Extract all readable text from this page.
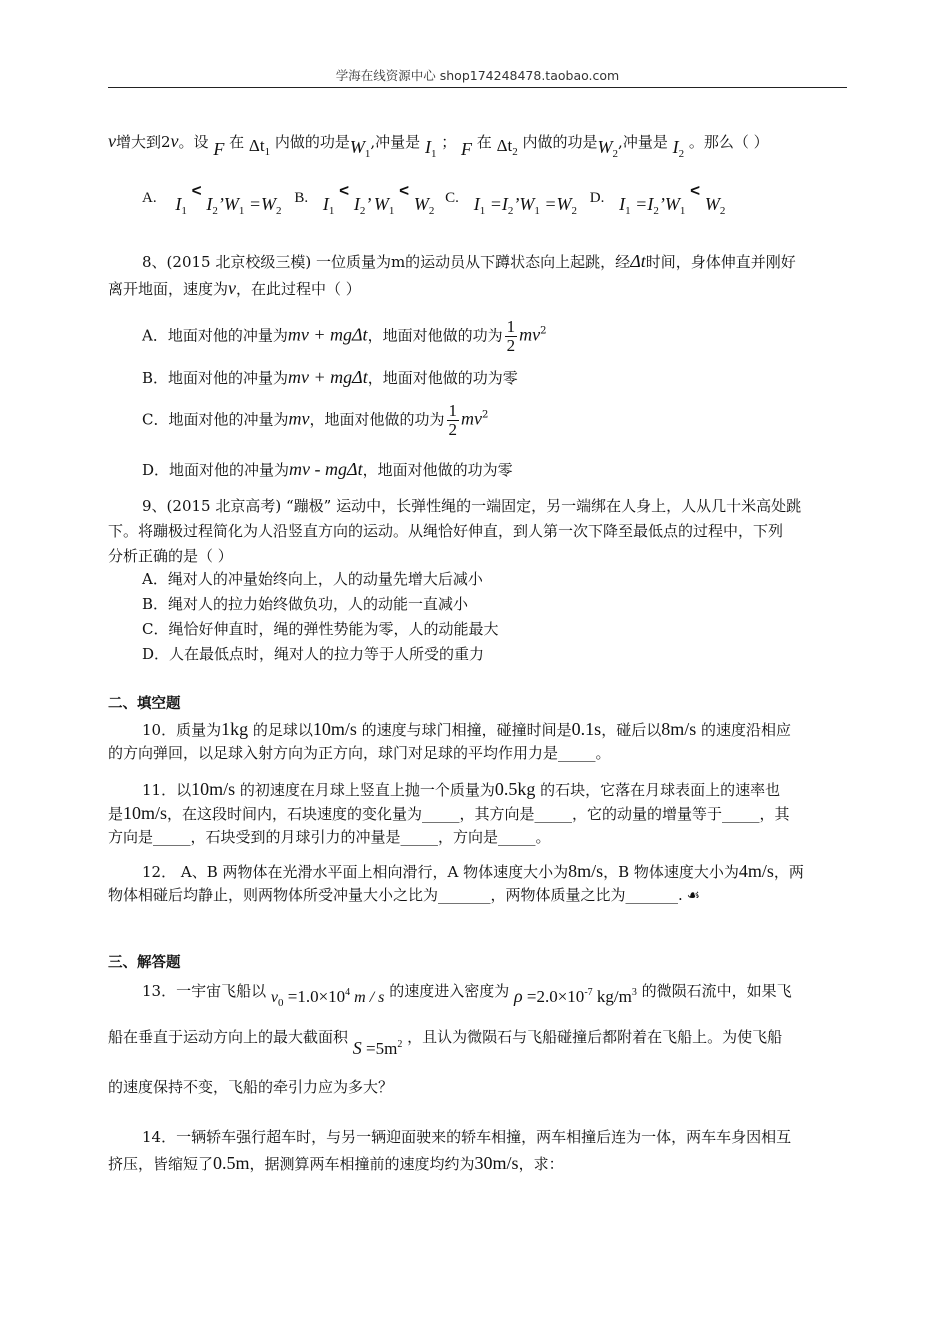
学海在线资源中心 shop174248478.taobao.com
v增大到2v。设 F 在 $\Delta t_1$ 内做的功是$W_1$,冲量是 $I_1$ ； F 在 $\Delta t_2$ 内做的功是$W_2$,冲量是 $I_2$ 。那么（ ）
A. $I_1$ < $I_2’W_1 =W_2$ B. $I_1 < I_2$’ $W_1 < W_2$ C. $I_1$ $=I_2’W_1 =W_2$ D. $I_1$ $=I_2’W_1 < W_2$
8、(2015 北京校级三模) 一位质量为m的运动员从下蹲状态向上起跳，经Δt时间，身体伸直并刚好
离开地面，速度为v，在此过程中（ ）
A．地面对他的冲量为mv + mgΔt，地面对他做的功为 $\frac{1}{2} mv^2$
B．地面对他的冲量为mv + mgΔt，地面对他做的功为零
C．地面对他的冲量为mv，地面对他做的功为 $\frac{1}{2} mv^2$
D．地面对他的冲量为mv - mgΔt，地面对他做的功为零
9、(2015 北京高考) “蹦极” 运动中，长弹性绳的一端固定，另一端绑在人身上，人从几十米高处跳
下。将蹦极过程简化为人沿竖直方向的运动。从绳恰好伸直，到人第一次下降至最低点的过程中，下列
分析正确的是（ ）
A．绳对人的冲量始终向上，人的动量先增大后减小
B．绳对人的拉力始终做负功，人的动能一直减小
C．绳恰好伸直时，绳的弹性势能为零，人的动能最大
D．人在最低点时，绳对人的拉力等于人所受的重力
二、填空题
10．质量为1kg 的足球以10m/s 的速度与球门相撞，碰撞时间是0.1s，碰后以8m/s 的速度沿相应
的方向弹回，以足球入射方向为正方向，球门对足球的平均作用力是_____。
11．以10m/s 的初速度在月球上竖直上抛一个质量为0.5kg 的石块，它落在月球表面上的速率也
是10m/s，在这段时间内，石块速度的变化量为_____，其方向是_____，它的动量的增量等于_____，其
方向是_____，石块受到的月球引力的冲量是_____，方向是_____。
12． A、B 两物体在光滑水平面上相向滑行，A 物体速度大小为8m/s，B 物体速度大小为4m/s，两
物体相碰后均静止，则两物体所受冲量大小之比为_______，两物体质量之比为_______. ☙
三、解答题
13．一宇宙飞船以 $v_0 =1.0\times 10^4$ m / s 的速度进入密度为 $\rho =2.0\times 10^{-7}$ $kg/m^3$ 的微陨石流中，如果飞
船在垂直于运动方向上的最大截面积 $S =5m^2$ ，且认为微陨石与飞船碰撞后都附着在飞船上。为使飞船
的速度保持不变，飞船的牵引力应为多大？
14．一辆轿车强行超车时，与另一辆迎面驶来的轿车相撞，两车相撞后连为一体，两车车身因相互
挤压，皆缩短了0.5m，据测算两车相撞前的速度均约为30m/s，求：
